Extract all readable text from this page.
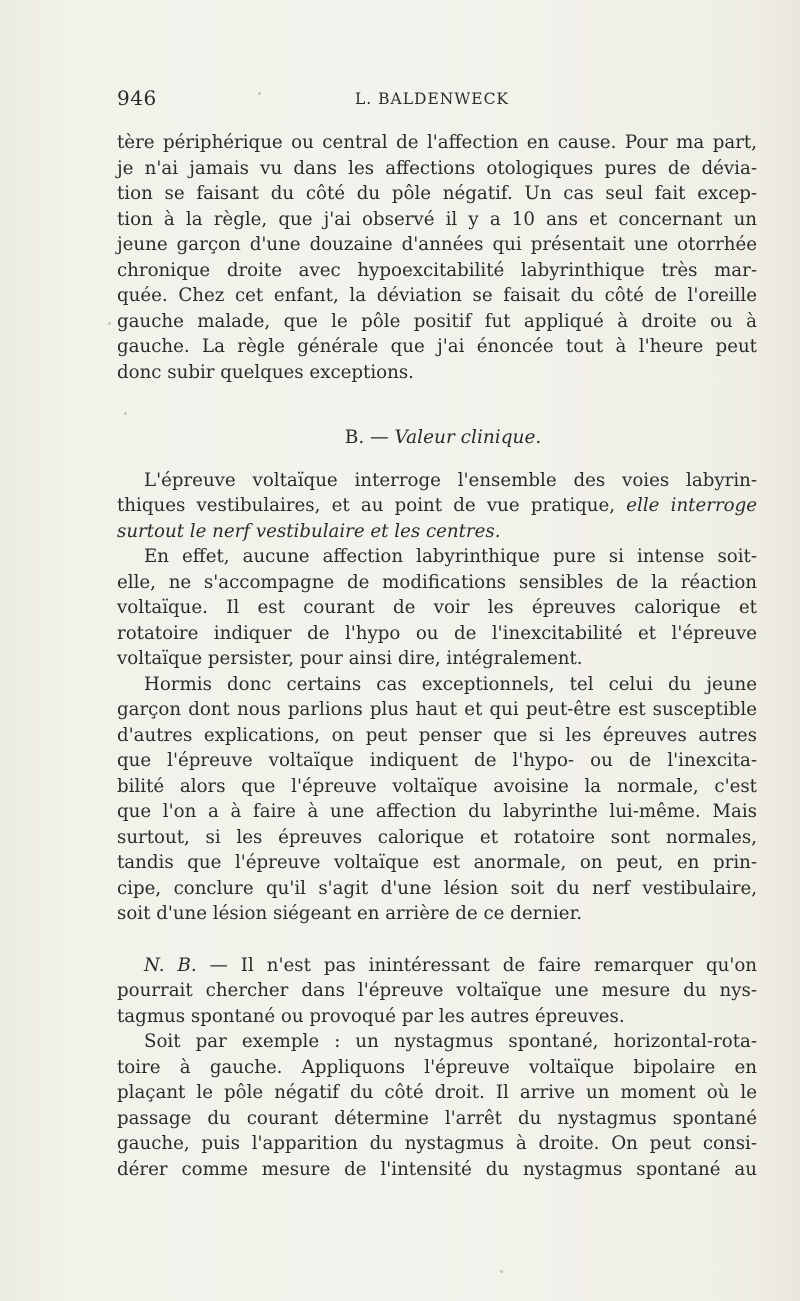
946	L. BALDENWECK
tère périphérique ou central de l'affection en cause. Pour ma part,
je n'ai jamais vu dans les affections otologiques pures de dévia-
tion se faisant du côté du pôle négatif. Un cas seul fait excep-
tion à la règle, que j'ai observé il y a 10 ans et concernant un
jeune garçon d'une douzaine d'années qui présentait une otorrhée
chronique droite avec hypoexcitabilité labyrinthique très mar-
quée. Chez cet enfant, la déviation se faisait du côté de l'oreille
gauche malade, que le pôle positif fut appliqué à droite ou à
gauche. La règle générale que j'ai énoncée tout à l'heure peut
donc subir quelques exceptions.
B. — Valeur clinique.
L'épreuve voltaïque interroge l'ensemble des voies labyrin-
thiques vestibulaires, et au point de vue pratique, elle interroge
surtout le nerf vestibulaire et les centres.
En effet, aucune affection labyrinthique pure si intense soit-
elle, ne s'accompagne de modifications sensibles de la réaction
voltaïque. Il est courant de voir les épreuves calorique et
rotatoire indiquer de l'hypo ou de l'inexcitabilité et l'épreuve
voltaïque persister, pour ainsi dire, intégralement.
Hormis donc certains cas exceptionnels, tel celui du jeune
garçon dont nous parlions plus haut et qui peut-être est susceptible
d'autres explications, on peut penser que si les épreuves autres
que l'épreuve voltaïque indiquent de l'hypo- ou de l'inexcita-
bilité alors que l'épreuve voltaïque avoisine la normale, c'est
que l'on a à faire à une affection du labyrinthe lui-même. Mais
surtout, si les épreuves calorique et rotatoire sont normales,
tandis que l'épreuve voltaïque est anormale, on peut, en prin-
cipe, conclure qu'il s'agit d'une lésion soit du nerf vestibulaire,
soit d'une lésion siégeant en arrière de ce dernier.
N. B. — Il n'est pas inintéressant de faire remarquer qu'on
pourrait chercher dans l'épreuve voltaïque une mesure du nys-
tagmus spontané ou provoqué par les autres épreuves.
Soit par exemple : un nystagmus spontané, horizontal-rota-
toire à gauche. Appliquons l'épreuve voltaïque bipolaire en
plaçant le pôle négatif du côté droit. Il arrive un moment où le
passage du courant détermine l'arrêt du nystagmus spontané
gauche, puis l'apparition du nystagmus à droite. On peut consi-
dérer comme mesure de l'intensité du nystagmus spontané au
